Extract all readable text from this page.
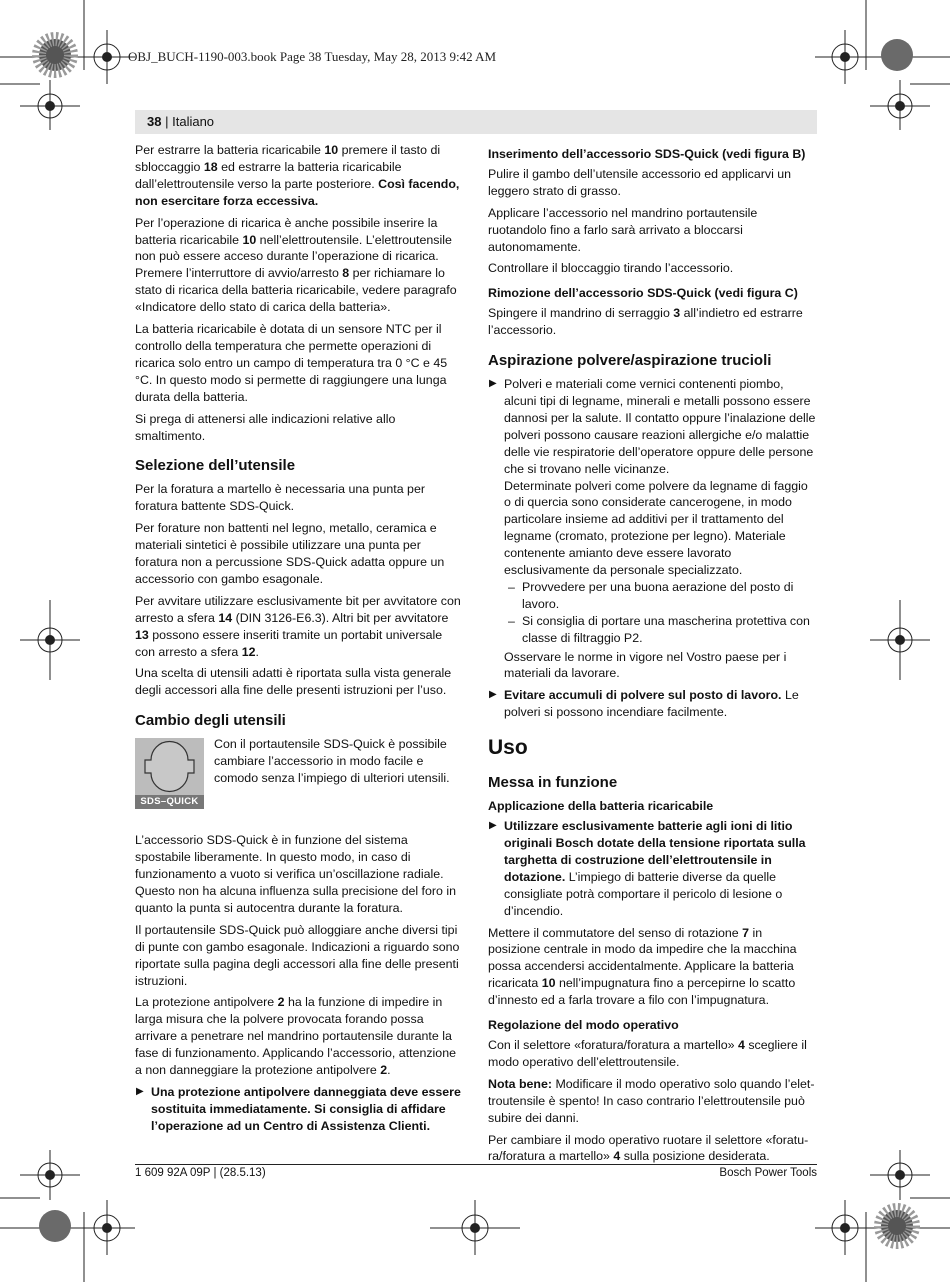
OBJ_BUCH-1190-003.book Page 38 Tuesday, May 28, 2013 9:42 AM
38 | Italiano

Per estrarre la batteria ricaricabile 10 premere il tasto di sbloccaggio 18 ed estrarre la batteria ricaricabile dall’elettroutensile verso la parte posteriore. Così facendo, non esercitare forza eccessiva.

Per l’operazione di ricarica è anche possibile inserire la batteria ricaricabile 10 nell’elettroutensile. L’elettroutensile non può essere acceso durante l’operazione di ricarica. Premere l’interruttore di avvio/arresto 8 per richiamare lo stato di ricarica della batteria ricaricabile, vedere paragrafo «Indicatore dello stato di carica della batteria».

La batteria ricaricabile è dotata di un sensore NTC per il controllo della temperatura che permette operazioni di ricarica solo entro un campo di temperatura tra 0 °C e 45 °C. In questo modo si permette di raggiungere una lunga durata della batteria.

Si prega di attenersi alle indicazioni relative allo smaltimento.

Selezione dell’utensile

Per la foratura a martello è necessaria una punta per foratura battente SDS-Quick.

Per forature non battenti nel legno, metallo, ceramica e materiali sintetici è possibile utilizzare una punta per foratura non a percussione SDS-Quick adatta oppure un accessorio con gambo esagonale.

Per avvitare utilizzare esclusivamente bit per avvitatore con arresto a sfera 14 (DIN 3126-E6.3). Altri bit per avvitatore 13 possono essere inseriti tramite un portabit universale con arresto a sfera 12.

Una scelta di utensili adatti è riportata sulla vista generale degli accessori alla fine delle presenti istruzioni per l’uso.

Cambio degli utensili
SDS–QUICK
Con il portautensile SDS-Quick è possibile cambiare l’accessorio in modo facile e comodo senza l’impiego di ulteriori utensili.

L’accessorio SDS-Quick è in funzione del sistema spostabile liberamente. In questo modo, in caso di funzionamento a vuoto si verifica un’oscillazione radiale. Questo non ha alcuna influenza sulla precisione del foro in quanto la punta si autocentra durante la foratura.

Il portautensile SDS-Quick può alloggiare anche diversi tipi di punte con gambo esagonale. Indicazioni a riguardo sono riportate sulla pagina degli accessori alla fine delle presenti istruzioni.

La protezione antipolvere 2 ha la funzione di impedire in larga misura che la polvere provocata forando possa arrivare a penetrare nel mandrino portautensile durante la fase di funzionamento. Applicando l’accessorio, attenzione a non danneggiare la protezione antipolvere 2.

▶ Una protezione antipolvere danneggiata deve essere sostituita immediatamente. Si consiglia di affidare l’operazione ad un Centro di Assistenza Clienti.
Inserimento dell’accessorio SDS-Quick (vedi figura B)

Pulire il gambo dell’utensile accessorio ed applicarvi un leggero strato di grasso.

Applicare l’accessorio nel mandrino portautensile ruotandolo fino a farlo sarà arrivato a bloccarsi autonomamente.

Controllare il bloccaggio tirando l’accessorio.

Rimozione dell’accessorio SDS-Quick (vedi figura C)

Spingere il mandrino di serraggio 3 all’indietro ed estrarre l’accessorio.

Aspirazione polvere/aspirazione trucioli
▶ Polveri e materiali come vernici contenenti piombo, alcuni tipi di legname, minerali e metalli possono essere dannosi per la salute. Il contatto oppure l’inalazione delle polveri possono causare reazioni allergiche e/o malattie delle vie respiratorie dell’operatore oppure delle persone che si trovano nelle vicinanze.
Determinate polveri come polvere da legname di faggio o di quercia sono considerate cancerogene, in modo particolare insieme ad additivi per il trattamento del legname (cromato, protezione per legno). Materiale contenente amianto deve essere lavorato esclusivamente da personale specializzato.
– Provvedere per una buona aerazione del posto di lavoro.
– Si consiglia di portare una mascherina protettiva con classe di filtraggio P2.
Osservare le norme in vigore nel Vostro paese per i materiali da lavorare.
▶ Evitare accumuli di polvere sul posto di lavoro. Le polveri si possono incendiare facilmente.
Uso
Messa in funzione
Applicazione della batteria ricaricabile
▶ Utilizzare esclusivamente batterie agli ioni di litio originali Bosch dotate della tensione riportata sulla targhetta di costruzione dell’elettroutensile in dotazione. L’impiego di batterie diverse da quelle consigliate potrà comportare il pericolo di lesione o d’incendio.

Mettere il commutatore del senso di rotazione 7 in posizione centrale in modo da impedire che la macchina possa accendersi accidentalmente. Applicare la batteria ricaricata 10 nell’impugnatura fino a percepirne lo scatto d’innesto ed a farla trovare a filo con l’impugnatura.

Regolazione del modo operativo

Con il selettore «foratura/foratura a martello» 4 scegliere il modo operativo dell’elettroutensile.

Nota bene: Modificare il modo operativo solo quando l’elettroutensile è spento! In caso contrario l’elettroutensile può subire dei danni.

Per cambiare il modo operativo ruotare il selettore «foratura/foratura a martello» 4 sulla posizione desiderata.

1 609 92A 09P | (28.5.13)	Bosch Power Tools
